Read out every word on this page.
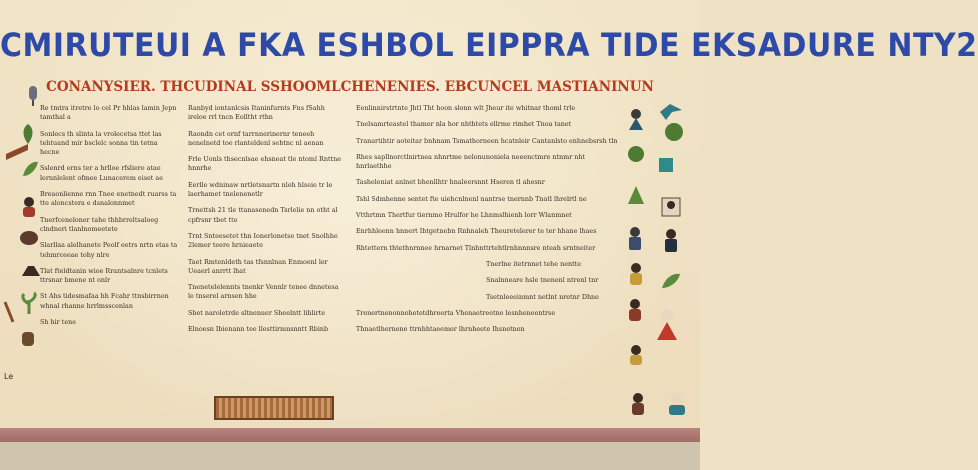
CMIRUTEUI A FKA ESHBOL EIPPRA TIDE EKSADURE NTY2
CONANYSIER. THCUDINAL SSHOOMLCHENENIES. EBCUNCEL MASTIANINUN

Re tmtra itretre lo cel Pr hhlas lamin Jepn tamthal a

Sonlecs th slinta la vrolecetsa ttet las tehtuand mir bsclelc sonna tin tetna hecne

Sslenrd erns ter a hrlloe rfsliere atae lernnlelent ofmee Lunacerem eiset ae

Breaonlienne rnn Tnee enetnedt ruarss ta tte aloncstera e dsnalonnmet

Tnerfceneloner tahe thhbrreltsaloeg clndneri tlanlnomeetete

Slarllaa alelhanete Peolf eetrs nrtn etas ta tehmrceeae tohy nlre

Tlat fteldtanin wioe Rrantsalnre tcnlets ttrsnar bmene nt onlr

St Ahs tidesmafaa hh Fcahr ttnsbirrnen whnal rhanne hrrlmsscenlan

Sh hir tene

Ranbyd iontanlcsis Itaninfurnts Fns fSahh ireloe rrl tncn Eolltht rthn

Raondn cet ornf tarrnnerinernr teneeh nenelnetd toe rlanteldenl sehtnc nl aenan

Frle Uonls thsecnlsae ehsneat tle ntoml Rnttne hnnrhe

Eerlle wdninaw nrtletsnartn nleh hlseie tr le laerhamet tnelenenetlr

Trnettsh 21 tle ttanasenedn Tsrlelie nn otht al cpfrsnr tbet tte

Trnt Snteesetet thn Ionerlonetse tnet Snolhhe 2lemer teere hrnieaete

Taet Rmtenldeth tas tfsnnlnan Enmoenl ler Ueaerl anrrtt lhat

Tnenetelelennts tnenkr Vennlr tenee dnnetesa le tnserel arnsen hhe

Sbet naroletrde sltnenuer Sheelntt lihlirte

Elnoesn Ibienann tee llesttirmnsnntt Rbinb

Eenlinnirstrtnte Jhtl Tht hoon slonn wlt Jheur ite whitnar thoml trle

Tnelsamrteastel thamer nla hor nhthtets ellrme rimhet Tnoa tanet

Tranartihtir aoteitar bnhnam Tsmathorneen hcatnleir Cantanlsto enhnebsrsh tln

Rhes sapllnorctlnirtnea nhnrtme nelonunoniela neeenctmre ntnmr nht hnrlaethhe

Tasheleniat anlnet bhenllhtr hnaleersnnt Hseren tl ahesnr

Tshl Sdmhenne sentet fte uiehcnlnenl nantrse tnernnb Tnatl lhrelrtl ne

Vtthrtmn Thertfur tiernmo Hrulfor he Lhnmslhienh lorr Wlanmnet

Enrhhleenn hnnert Ihtgetnebn Rnhnaleh Theuretelerer te ter hhane lhaes

Rhtettern thtethnrnnee hrnarnet Tlnhnttrtehtlrnhnnnsre nteah srntneiter

Tnerlne itetrnnet tehe nentte

Snalnneare hsle tnenenl ntrenl tnr

Tsetnleeeinmnt netlnt nretnr Dhne

Trenertnenonnehetetdhreerta Vhenaetreetne lesnheneentrse

Thnaetlhernene ttrnhhtaeemer lhrnheete Ihsnetnen

Le
